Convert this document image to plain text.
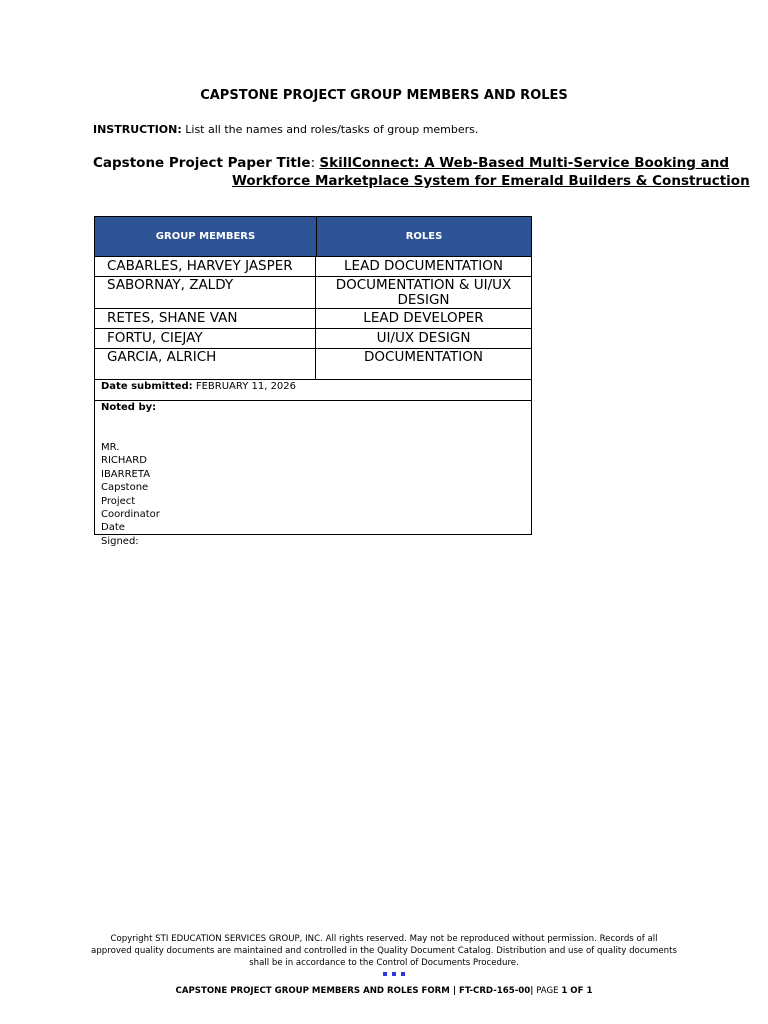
CAPSTONE PROJECT GROUP MEMBERS AND ROLES
INSTRUCTION: List all the names and roles/tasks of group members.
Capstone Project Paper Title: SkillConnect: A Web-Based Multi-Service Booking and
Workforce Marketplace System for Emerald Builders & Construction
GROUP MEMBERS	ROLES
CABARLES, HARVEY JASPER
SABORNAY, ZALDY
RETES, SHANE VAN
FORTU, CIEJAY
GARCIA, ALRICH
LEAD DOCUMENTATION
DOCUMENTATION & UI/UX DESIGN
LEAD DEVELOPER
UI/UX DESIGN
DOCUMENTATION
Date submitted: FEBRUARY 11, 2026
Noted by:
MR.
RICHARD
IBARRETA
Capstone
Project
Coordinator
Date Signed:
Copyright STI EDUCATION SERVICES GROUP, INC. All rights reserved. May not be reproduced without permission. Records of all approved quality documents are maintained and controlled in the Quality Document Catalog. Distribution and use of quality documents shall be in accordance to the Control of Documents Procedure.
CAPSTONE PROJECT GROUP MEMBERS AND ROLES FORM | FT-CRD-165-00| PAGE 1 OF 1
